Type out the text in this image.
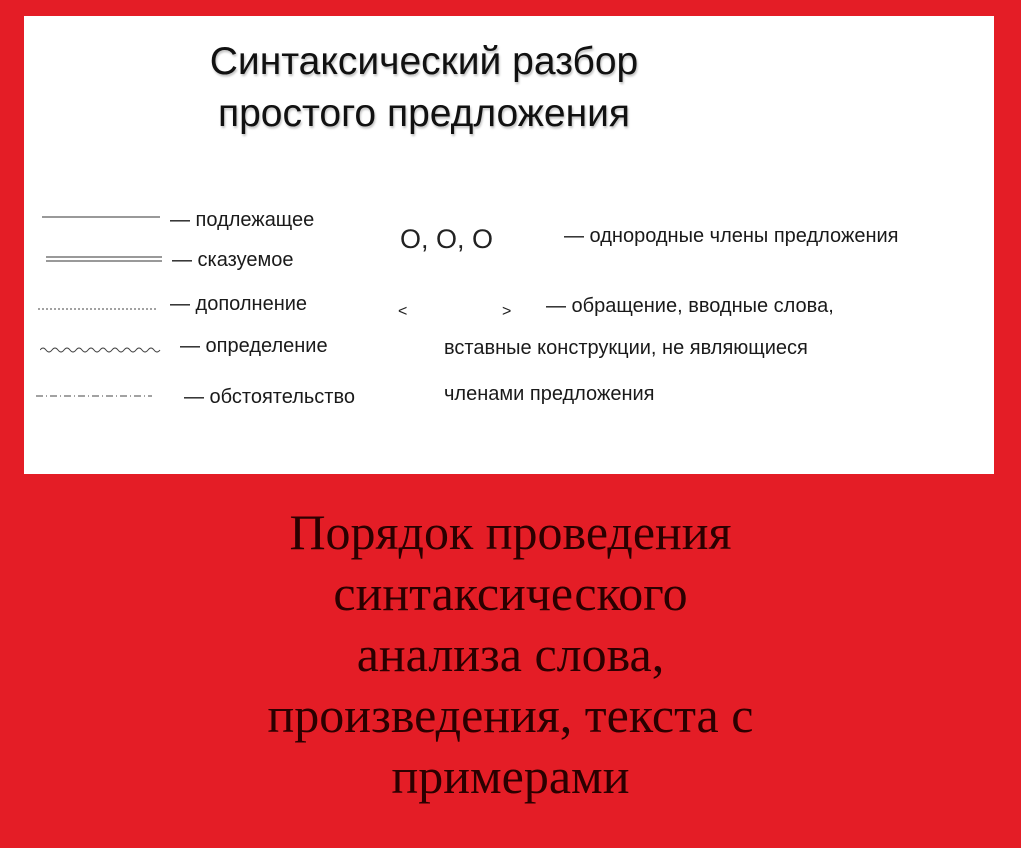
Синтаксический разбор
простого предложения
— подлежащее
— сказуемое
— дополнение
— определение
— обстоятельство
O, O, O	— однородные члены предложения
<	> — обращение, вводные слова,
вставные конструкции, не являющиеся
членами предложения
Порядок проведения
синтаксического
анализа слова,
произведения, текста с
примерами
